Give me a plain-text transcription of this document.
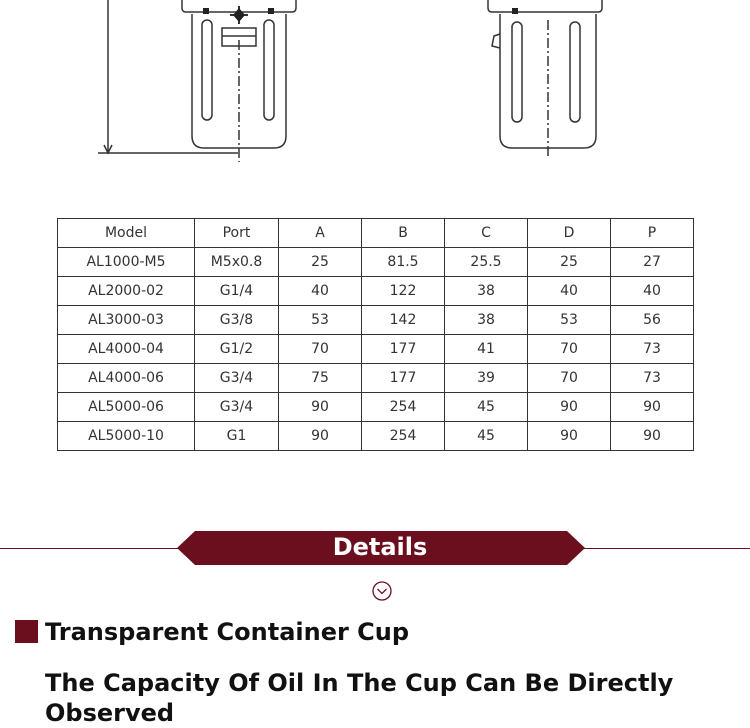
Model	Port	A	B	C	D	P
AL1000-M5	M5x0.8	25	81.5	25.5	25	27
AL2000-02	G1/4	40	122	38	40	40
AL3000-03	G3/8	53	142	38	53	56
AL4000-04	G1/2	70	177	41	70	73
AL4000-06	G3/4	75	177	39	70	73
AL5000-06	G3/4	90	254	45	90	90
AL5000-10	G1	90	254	45	90	90
Details
Transparent Container Cup
The Capacity Of Oil In The Cup Can Be Directly Observed
